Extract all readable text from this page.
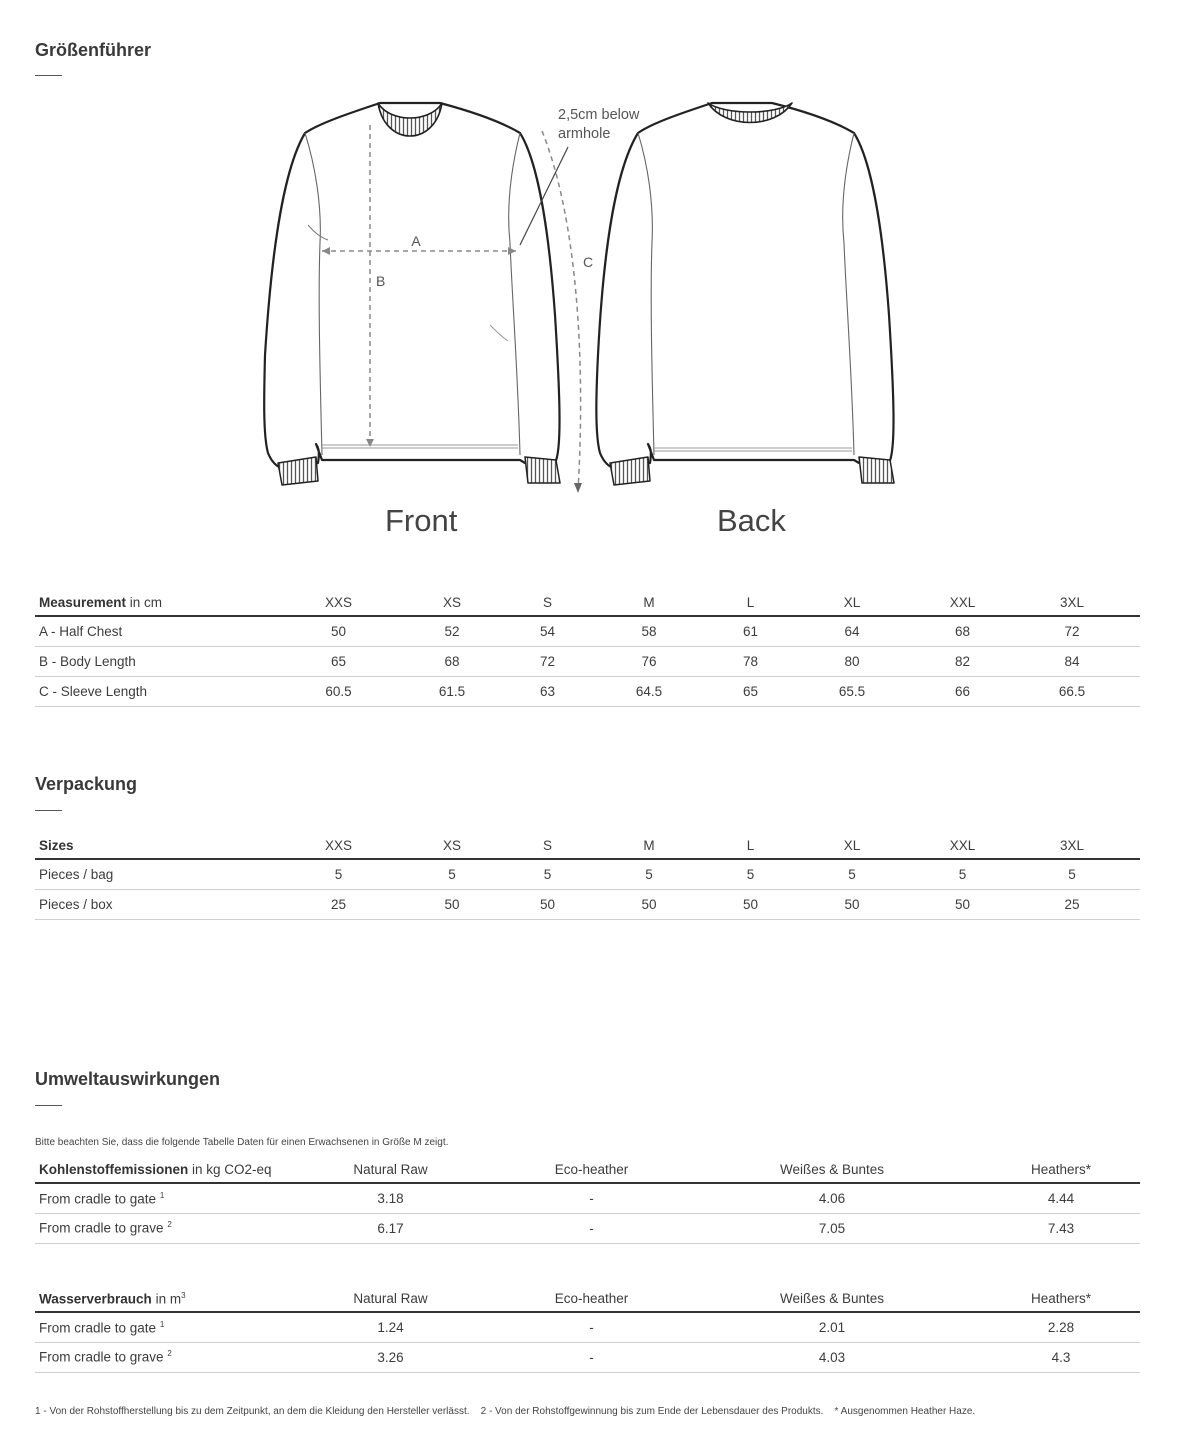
Größenführer
A
B
C
2,5cm below
armhole
Front	Back
Measurement in cm	XXS	XS	S	M	L	XL	XXL	3XL
A - Half Chest	50	52	54	58	61	64	68	72
B - Body Length	65	68	72	76	78	80	82	84
C - Sleeve Length	60.5	61.5	63	64.5	65	65.5	66	66.5
Verpackung
Sizes	XXS	XS	S	M	L	XL	XXL	3XL
Pieces / bag	5	5	5	5	5	5	5	5
Pieces / box	25	50	50	50	50	50	50	25
Umweltauswirkungen
Bitte beachten Sie, dass die folgende Tabelle Daten für einen Erwachsenen in Größe M zeigt.
Kohlenstoffemissionen in kg CO2-eq	Natural Raw	Eco-heather	Weißes & Buntes	Heathers*
From cradle to gate $^1$	3.18	-	4.06	4.44
From cradle to grave $^2$	6.17	-	7.05	7.43
Wasserverbrauch in $m^3$	Natural Raw	Eco-heather	Weißes & Buntes	Heathers*
From cradle to gate $^1$	1.24	-	2.01	2.28
From cradle to grave $^2$	3.26	-	4.03	4.3
1 - Von der Rohstoffherstellung bis zu dem Zeitpunkt, an dem die Kleidung den Hersteller verlässt.    2 - Von der Rohstoffgewinnung bis zum Ende der Lebensdauer des Produkts.    * Ausgenommen Heather Haze.
